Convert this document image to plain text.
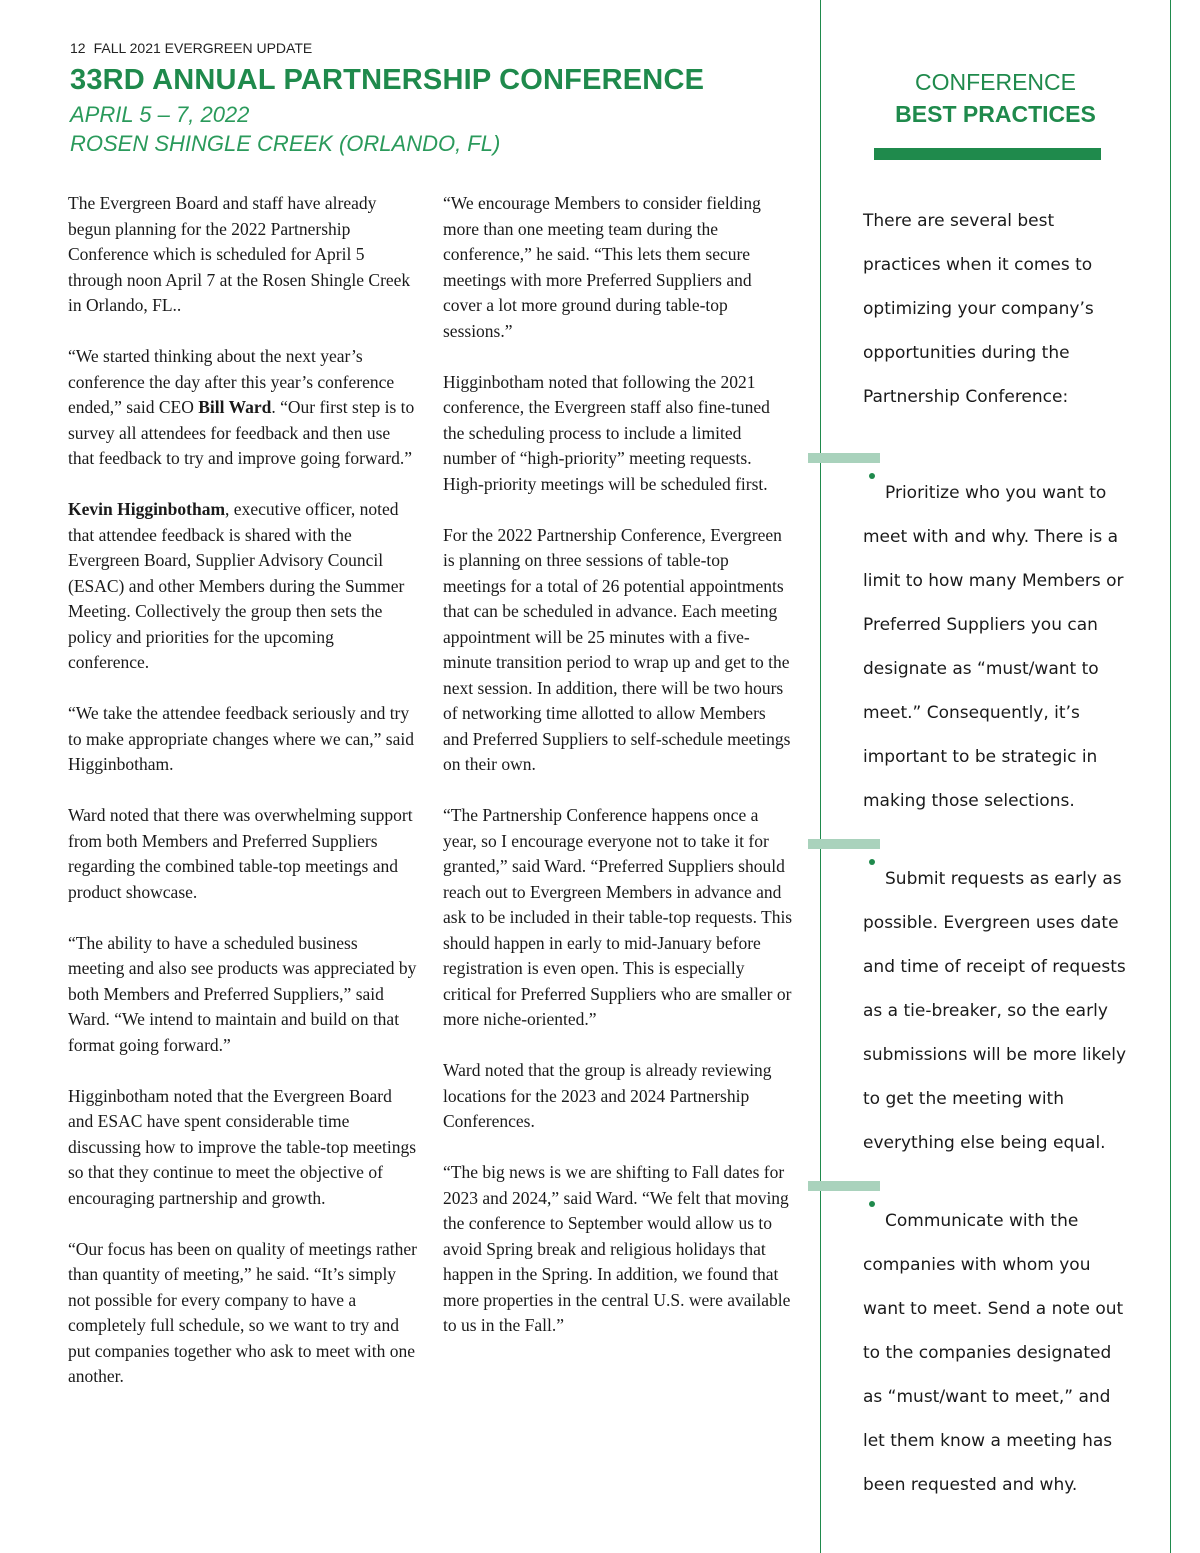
12 FALL 2021 EVERGREEN UPDATE
33RD ANNUAL PARTNERSHIP CONFERENCE
APRIL 5 – 7, 2022
ROSEN SHINGLE CREEK (ORLANDO, FL)

The Evergreen Board and staff have already begun planning for the 2022 Partnership Conference which is scheduled for April 5 through noon April 7 at the Rosen Shingle Creek in Orlando, FL..

“We started thinking about the next year’s conference the day after this year’s conference ended,” said CEO Bill Ward. “Our first step is to survey all attendees for feedback and then use that feedback to try and improve going forward.”

Kevin Higginbotham, executive officer, noted that attendee feedback is shared with the Evergreen Board, Supplier Advisory Council (ESAC) and other Members during the Summer Meeting. Collectively the group then sets the policy and priorities for the upcoming conference.

“We take the attendee feedback seriously and try to make appropriate changes where we can,” said Higginbotham.

Ward noted that there was overwhelming support from both Members and Preferred Suppliers regarding the combined table-top meetings and product showcase.

“The ability to have a scheduled business meeting and also see products was appreciated by both Members and Preferred Suppliers,” said Ward. “We intend to maintain and build on that format going forward.”

Higginbotham noted that the Evergreen Board and ESAC have spent considerable time discussing how to improve the table-top meetings so that they continue to meet the objective of encouraging partnership and growth.

“Our focus has been on quality of meetings rather than quantity of meeting,” he said. “It’s simply not possible for every company to have a completely full schedule, so we want to try and put companies together who ask to meet with one another.

“We encourage Members to consider fielding more than one meeting team during the conference,” he said. “This lets them secure meetings with more Preferred Suppliers and cover a lot more ground during table-top sessions.”

Higginbotham noted that following the 2021 conference, the Evergreen staff also fine-tuned the scheduling process to include a limited number of “high-priority” meeting requests. High-priority meetings will be scheduled first.

For the 2022 Partnership Conference, Evergreen is planning on three sessions of table-top meetings for a total of 26 potential appointments that can be scheduled in advance. Each meeting appointment will be 25 minutes with a five-minute transition period to wrap up and get to the next session. In addition, there will be two hours of networking time allotted to allow Members and Preferred Suppliers to self-schedule meetings on their own.

“The Partnership Conference happens once a year, so I encourage everyone not to take it for granted,” said Ward. “Preferred Suppliers should reach out to Evergreen Members in advance and ask to be included in their table-top requests. This should happen in early to mid-January before registration is even open. This is especially critical for Preferred Suppliers who are smaller or more niche-oriented.”

Ward noted that the group is already reviewing locations for the 2023 and 2024 Partnership Conferences.

“The big news is we are shifting to Fall dates for 2023 and 2024,” said Ward. “We felt that moving the conference to September would allow us to avoid Spring break and religious holidays that happen in the Spring. In addition, we found that more properties in the central U.S. were available to us in the Fall.”

CONFERENCE
BEST PRACTICES
There are several best practices when it comes to optimizing your company’s opportunities during the Partnership Conference:
Prioritize who you want to meet with and why. There is a limit to how many Members or Preferred Suppliers you can designate as “must/want to meet.” Consequently, it’s important to be strategic in making those selections.
Submit requests as early as possible. Evergreen uses date and time of receipt of requests as a tie-breaker, so the early submissions will be more likely to get the meeting with everything else being equal.
Communicate with the companies with whom you want to meet. Send a note out to the companies designated as “must/want to meet,” and let them know a meeting has been requested and why.
